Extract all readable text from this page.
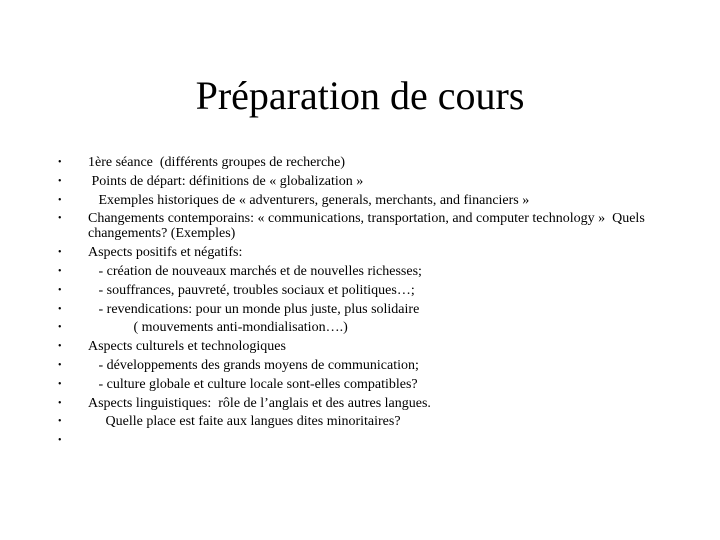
Préparation de cours
•	1ère séance  (différents groupes de recherche)
•	Points de départ: définitions de « globalization »
•	Exemples historiques de « adventurers, generals, merchants, and financiers »
•	Changements contemporains: « communications, transportation, and computer technology »  Quels changements? (Exemples)
•	Aspects positifs et négatifs:
•	- création de nouveaux marchés et de nouvelles richesses;
•	- souffrances, pauvreté, troubles sociaux et politiques…;
•	- revendications: pour un monde plus juste, plus solidaire
•	( mouvements anti-mondialisation….)
•	Aspects culturels et technologiques
•	- développements des grands moyens de communication;
•	- culture globale et culture locale sont-elles compatibles?
•	Aspects linguistiques:  rôle de l’anglais et des autres langues.
•	Quelle place est faite aux langues dites minoritaires?
•
